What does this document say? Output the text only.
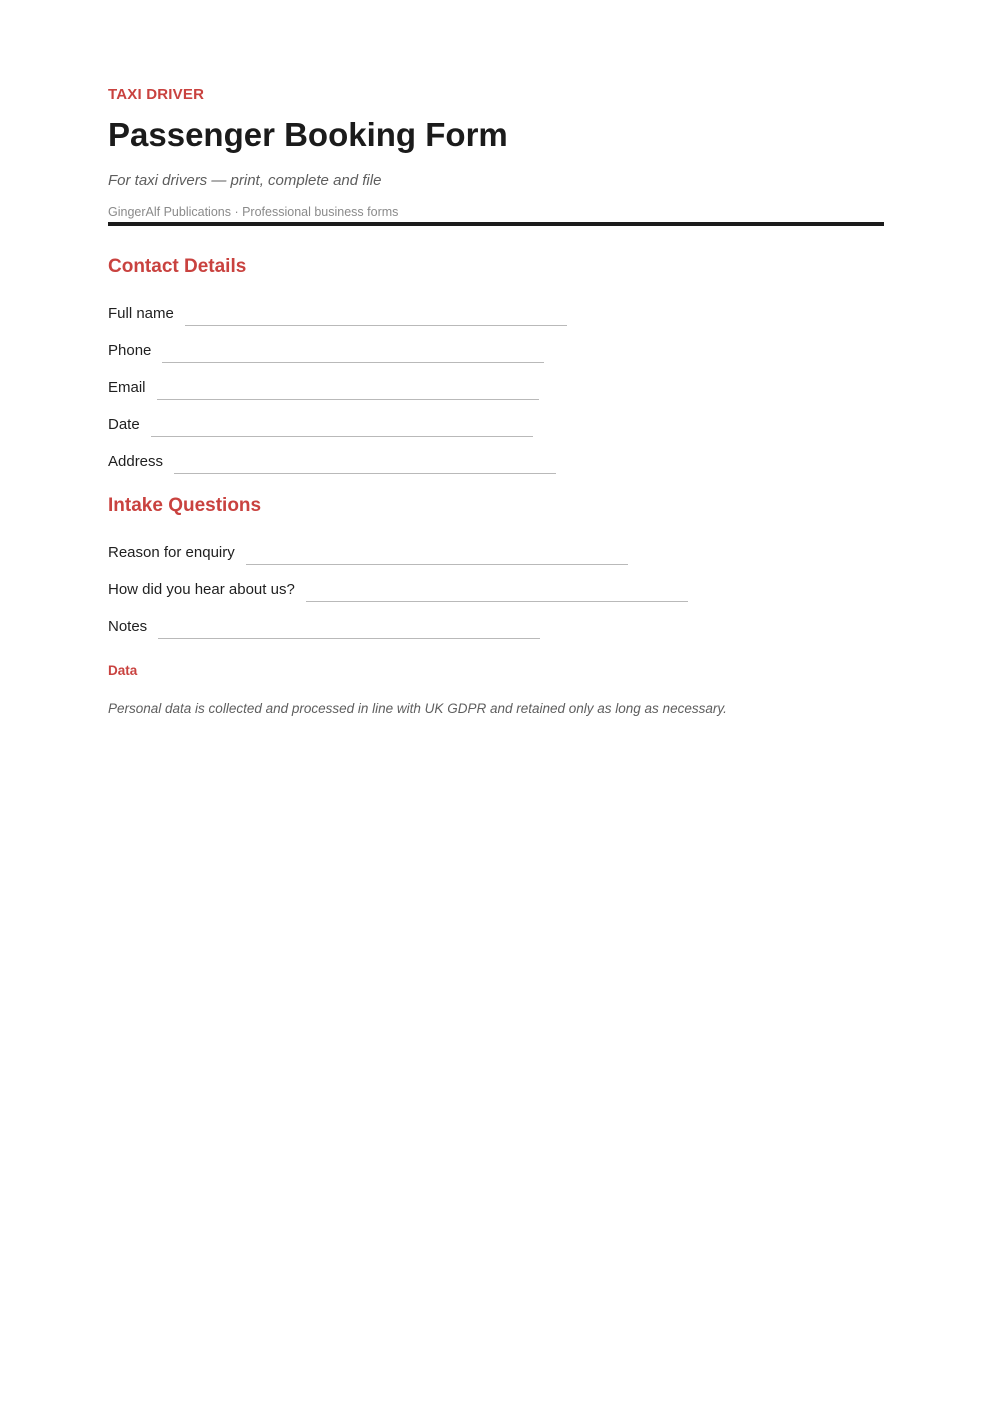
TAXI DRIVER

Passenger Booking Form

For taxi drivers — print, complete and file

GingerAlf Publications · Professional business forms

Contact Details
Full name
Phone
Email
Date
Address
Intake Questions
Reason for enquiry
How did you hear about us?
Notes
Data

Personal data is collected and processed in line with UK GDPR and retained only as long as necessary.
